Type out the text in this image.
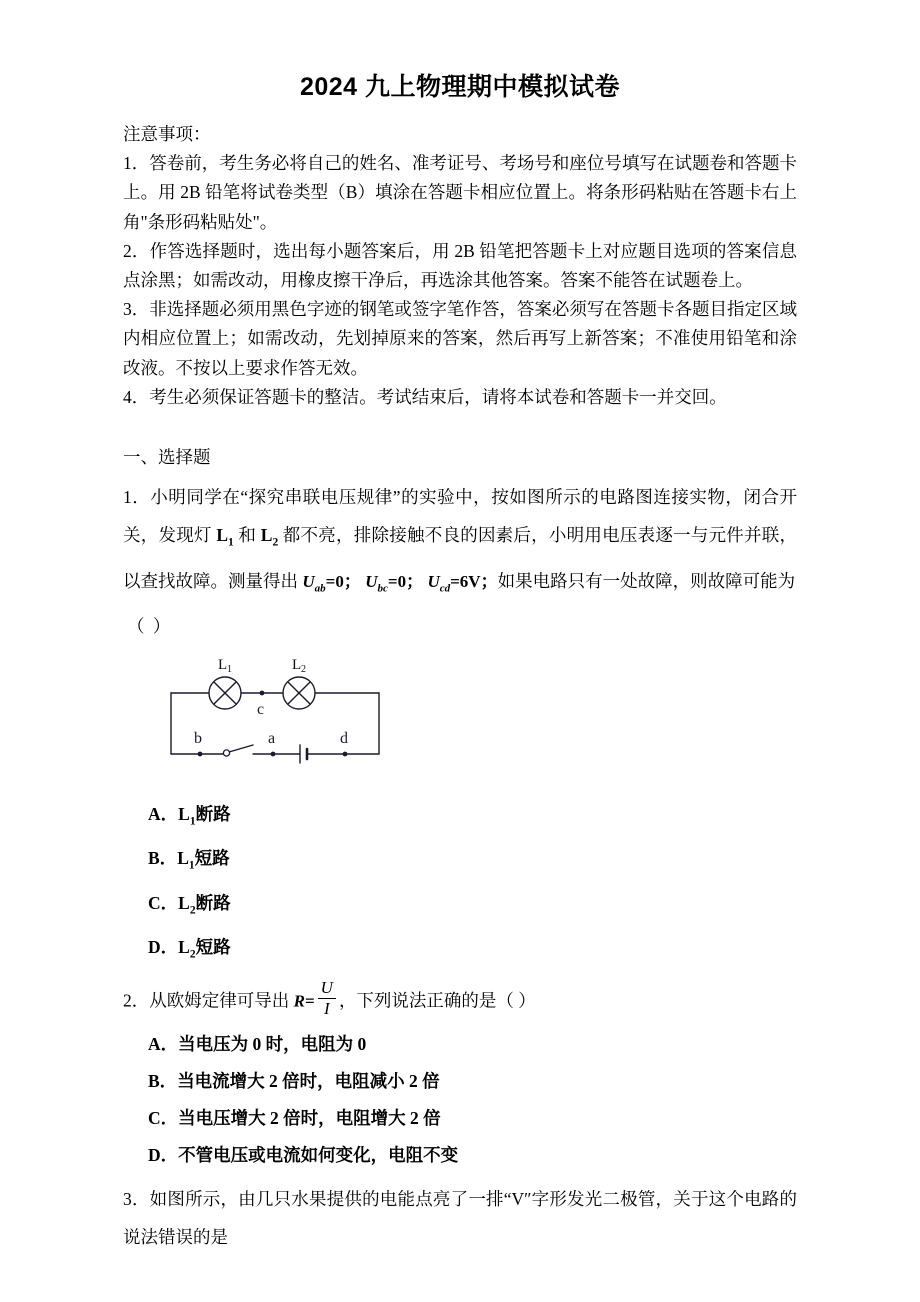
2024 九上物理期中模拟试卷

注意事项：

1．答卷前，考生务必将自己的姓名、准考证号、考场号和座位号填写在试题卷和答题卡上。用 2B 铅笔将试卷类型（B）填涂在答题卡相应位置上。将条形码粘贴在答题卡右上角"条形码粘贴处"。

2．作答选择题时，选出每小题答案后，用 2B 铅笔把答题卡上对应题目选项的答案信息点涂黑；如需改动，用橡皮擦干净后，再选涂其他答案。答案不能答在试题卷上。

3．非选择题必须用黑色字迹的钢笔或签字笔作答，答案必须写在答题卡各题目指定区域内相应位置上；如需改动，先划掉原来的答案，然后再写上新答案；不准使用铅笔和涂改液。不按以上要求作答无效。

4．考生必须保证答题卡的整洁。考试结束后，请将本试卷和答题卡一并交回。

一、选择题

1．小明同学在“探究串联电压规律”的实验中，按如图所示的电路图连接实物，闭合开关，发现灯 $L_1$ 和 $L_2$ 都不亮，排除接触不良的因素后，小明用电压表逐一与元件并联，以查找故障。测量得出 $U_{ab}=0$； $U_{bc}=0$； $U_{cd}=6V$；如果电路只有一处故障，则故障可能为

（ ）

L 1	L 2
c
b	a	d

A．$L_1$断路

B．$L_1$短路

C．$L_2$断路

D．$L_2$短路

2．从欧姆定律可导出 $R= \frac{U}{I}$ ，下列说法正确的是（ ）

A．当电压为 0 时，电阻为 0

B．当电流增大 2 倍时，电阻减小 2 倍

C．当电压增大 2 倍时，电阻增大 2 倍

D．不管电压或电流如何变化，电阻不变

3．如图所示，由几只水果提供的电能点亮了一排“V″字形发光二极管，关于这个电路的说法错误的是
